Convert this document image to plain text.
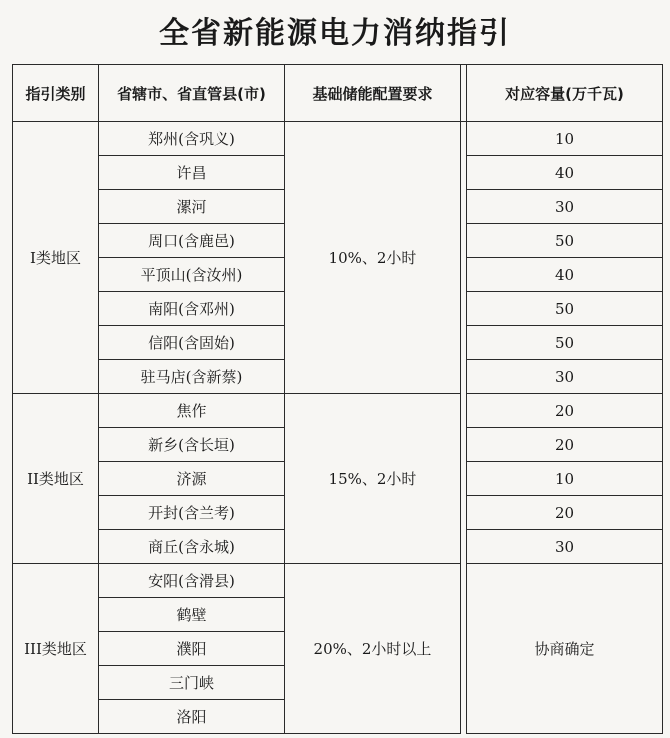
全省新能源电力消纳指引
指引类别	省辖市、省直管县(市)	基础储能配置要求		对应容量(万千瓦)
I类地区	郑州(含巩义)	10%、2小时		10
	许昌			40
	漯河			30
	周口(含鹿邑)			50
	平顶山(含汝州)			40
	南阳(含邓州)			50
	信阳(含固始)			50
	驻马店(含新蔡)			30
II类地区	焦作	15%、2小时		20
	新乡(含长垣)			20
	济源			10
	开封(含兰考)			20
	商丘(含永城)			30
III类地区	安阳(含滑县)	20%、2小时以上		协商确定
	鹤壁			
	濮阳			
	三门峡			
	洛阳			
